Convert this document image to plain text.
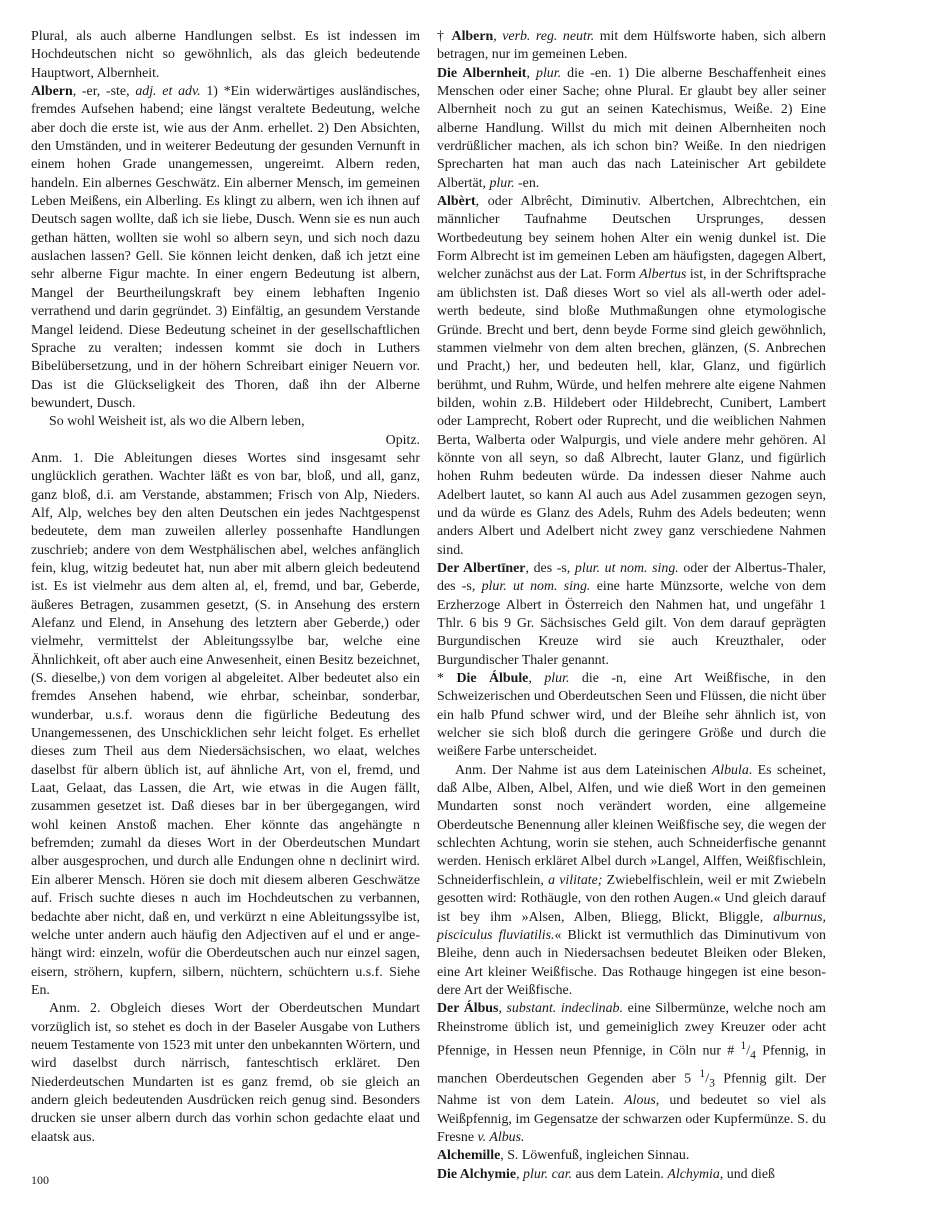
Plural, als auch alberne Handlungen selbst. Es ist indessen im Hochdeutschen nicht so gewöhnlich, als das gleich bedeutende Hauptwort, Albernheit.

Albern, -er, -ste, adj. et adv. 1) *Ein widerwärtiges ausländisches, fremdes Aufsehen habend; eine längst veraltete Bedeutung, welche aber doch die erste ist, wie aus der Anm. erhellet. 2) Den Absichten, den Umständen, und in weiterer Bedeutung der gesunden Vernunft in einem hohen Grade unangemessen, ungereimt. Albern reden, handeln. Ein albernes Geschwätz. Ein alberner Mensch, im gemeinen Leben Meißens, ein Alberling. Es klingt zu albern, wen ich ihnen auf Deutsch sagen wollte, daß ich sie liebe, Dusch. Wenn sie es nun auch gethan hätten, wollten sie wohl so albern seyn, und sich noch dazu auslachen lassen? Gell. Sie können leicht denken, daß ich jetzt eine sehr alberne Figur machte. In einer engern Bedeutung ist albern, Mangel der Beurtheilungskraft bey einem lebhaften Ingenio verrathend und darin gegründet. 3) Einfältig, an gesundem Verstande Mangel leidend. Diese Bedeutung scheinet in der gesellschaftlichen Sprache zu veralten; indessen kommt sie doch in Luthers Bibelübersetzung, und in der höhern Schreibart einiger Neuern vor. Das ist die Glückseligkeit des Thoren, daß ihn der Alberne bewundert, Dusch.

So wohl Weisheit ist, als wo die Albern leben,

Opitz.

Anm. 1. Die Ableitungen dieses Wortes sind insgesamt sehr unglücklich gerathen. Wachter läßt es von bar, bloß, und all, ganz, ganz bloß, d.i. am Verstande, abstammen; Frisch von Alp, Nieders. Alf, Alp, welches bey den alten Deutschen ein jedes Nachtgespenst bedeutete, dem man zuweilen allerley possenhafte Handlungen zuschrieb; andere von dem Westphälischen abel, welches anfänglich fein, klug, witzig bedeutet hat, nun aber mit albern gleich bedeutend ist. Es ist vielmehr aus dem alten al, el, fremd, und bar, Geberde, äußeres Betragen, zusammen gesetzt, (S. in Ansehung des erstern Alefanz und Elend, in Ansehung des letztern aber Geberde,) oder vielmehr, vermittelst der Ableitungssylbe bar, welche eine Ähnlichkeit, oft aber auch eine Anwesenheit, einen Besitz bezeichnet, (S. dieselbe,) von dem vorigen al abgeleitet. Alber bedeutet also ein fremdes Ansehen habend, wie ehrbar, scheinbar, sonderbar, wunderbar, u.s.f. woraus denn die figürliche Bedeutung des Unangemessenen, des Unschicklichen sehr leicht folget. Es erhellet dieses zum Theil aus dem Niedersächsischen, wo elaat, welches daselbst für albern üblich ist, auf ähnliche Art, von el, fremd, und Laat, Gelaat, das Lassen, die Art, wie etwas in die Augen fällt, zusammen gesetzet ist. Daß dieses bar in ber übergegangen, wird wohl keinen Anstoß machen. Eher könnte das angehängte n befremden; zumahl da dieses Wort in der Oberdeutschen Mundart alber ausgesprochen, und durch alle Endungen ohne n declinirt wird. Ein alberer Mensch. Hören sie doch mit diesem alberen Geschwätze auf. Frisch suchte dieses n auch im Hochdeutschen zu verbannen, bedachte aber nicht, daß en, und verkürzt n eine Ableitungssylbe ist, welche unter andern auch häufig den Adjectiven auf el und er angehängt wird: einzeln, wofür die Oberdeutschen auch nur einzel sagen, eisern, ströhern, kupfern, silbern, nüchtern, schüchtern u.s.f. Siehe En.

Anm. 2. Obgleich dieses Wort der Oberdeutschen Mundart vorzüglich ist, so stehet es doch in der Baseler Ausgabe von Luthers neuem Testamente von 1523 mit unter den unbekannten Wörtern, und wird daselbst durch närrisch, fanteschtisch erkläret. Den Niederdeutschen Mundarten ist es ganz fremd, ob sie gleich an andern gleich bedeutenden Ausdrücken reich genug sind. Besonders drucken sie unser albern durch das vorhin schon gedachte elaat und elaatsk aus.

† Albern, verb. reg. neutr. mit dem Hülfsworte haben, sich albern betragen, nur im gemeinen Leben.

Die Albernheit, plur. die -en. 1) Die alberne Beschaffenheit eines Menschen oder einer Sache; ohne Plural. Er glaubt bey aller seiner Albernheit noch zu gut an seinen Katechismus, Weiße. 2) Eine alberne Handlung. Willst du mich mit deinen Albernheiten noch verdrüßlicher machen, als ich schon bin? Weiße. In den niedrigen Sprecharten hat man auch das nach Lateinischer Art gebildete Albertät, plur. -en.

Albèrt, oder Albrêcht, Diminutiv. Albertchen, Albrechtchen, ein männlicher Taufnahme Deutschen Ursprunges, dessen Wortbedeutung bey seinem hohen Alter ein wenig dunkel ist. Die Form Albrecht ist im gemeinen Leben am häufigsten, dagegen Albert, welcher zunächst aus der Lat. Form Albertus ist, in der Schriftsprache am üblichsten ist. Daß dieses Wort so viel als all-werth oder adel-werth bedeute, sind bloße Muthmaßungen ohne etymologische Gründe. Brecht und bert, denn beyde Forme sind gleich gewöhnlich, stammen vielmehr von dem alten brechen, glänzen, (S. Anbrechen und Pracht,) her, und bedeuten hell, klar, Glanz, und figürlich berühmt, und Ruhm, Würde, und helfen mehrere alte eigene Nahmen bilden, wohin z.B. Hildebert oder Hildebrecht, Cunibert, Lambert oder Lamprecht, Robert oder Ruprecht, und die weiblichen Nahmen Berta, Walberta oder Walpurgis, und viele andere mehr gehören. Al könnte von all seyn, so daß Albrecht, lauter Glanz, und figürlich hohen Ruhm bedeuten würde. Da indessen dieser Nahme auch Adelbert lautet, so kann Al auch aus Adel zusammen gezogen seyn, und da würde es Glanz des Adels, Ruhm des Adels bedeuten; wenn anders Albert und Adelbert nicht zwey ganz verschiedene Nahmen sind.

Der Albertīner, des -s, plur. ut nom. sing. oder der Albertus-Thaler, des -s, plur. ut nom. sing. eine harte Münzsorte, welche von dem Erzherzoge Albert in Österreich den Nahmen hat, und ungefähr 1 Thlr. 6 bis 9 Gr. Sächsisches Geld gilt. Von dem darauf geprägten Burgundischen Kreuze wird sie auch Kreuzthaler, oder Burgundischer Thaler genannt.

* Die Álbule, plur. die -n, eine Art Weißfische, in den Schweizerischen und Oberdeutschen Seen und Flüssen, die nicht über ein halb Pfund schwer wird, und der Bleihe sehr ähnlich ist, von welcher sie sich bloß durch die geringere Größe und durch die weißere Farbe unterscheidet.

Anm. Der Nahme ist aus dem Lateinischen Albula. Es scheinet, daß Albe, Alben, Albel, Alfen, und wie dieß Wort in den gemeinen Mundarten sonst noch verändert worden, eine allgemeine Oberdeutsche Benennung aller kleinen Weißfische sey, die wegen der schlechten Achtung, worin sie stehen, auch Schneiderfische genannt werden. Henisch erkläret Albel durch »Langel, Alffen, Weißfischlein, Schneiderfischlein, a vilitate; Zwiebelfischlein, weil er mit Zwiebeln gesotten wird: Rothäugle, von den rothen Augen.« Und gleich darauf ist bey ihm »Alsen, Alben, Bliegg, Blickt, Bliggle, alburnus, pisciculus fluviatilis.« Blickt ist vermuthlich das Diminutivum von Bleihe, denn auch in Niedersachsen bedeutet Bleiken oder Bleken, eine Art kleiner Weißfische. Das Rothauge hingegen ist eine besondere Art der Weißfische.

Der Álbus, substant. indeclinab. eine Silbermünze, welche noch am Rheinstrome üblich ist, und gemeiniglich zwey Kreuzer oder acht Pfennige, in Hessen neun Pfennige, in Cöln nur # $^1/_4$ Pfennig, in manchen Oberdeutschen Gegenden aber 5 $^1/_3$ Pfennig gilt. Der Nahme ist von dem Latein. Alous, und bedeutet so viel als Weißpfennig, im Gegensatze der schwarzen oder Kupfermünze. S. du Fresne v. Albus.

Alchemille, S. Löwenfuß, ingleichen Sinnau.

Die Alchymie, plur. car. aus dem Latein. Alchymia, und dieß

100
